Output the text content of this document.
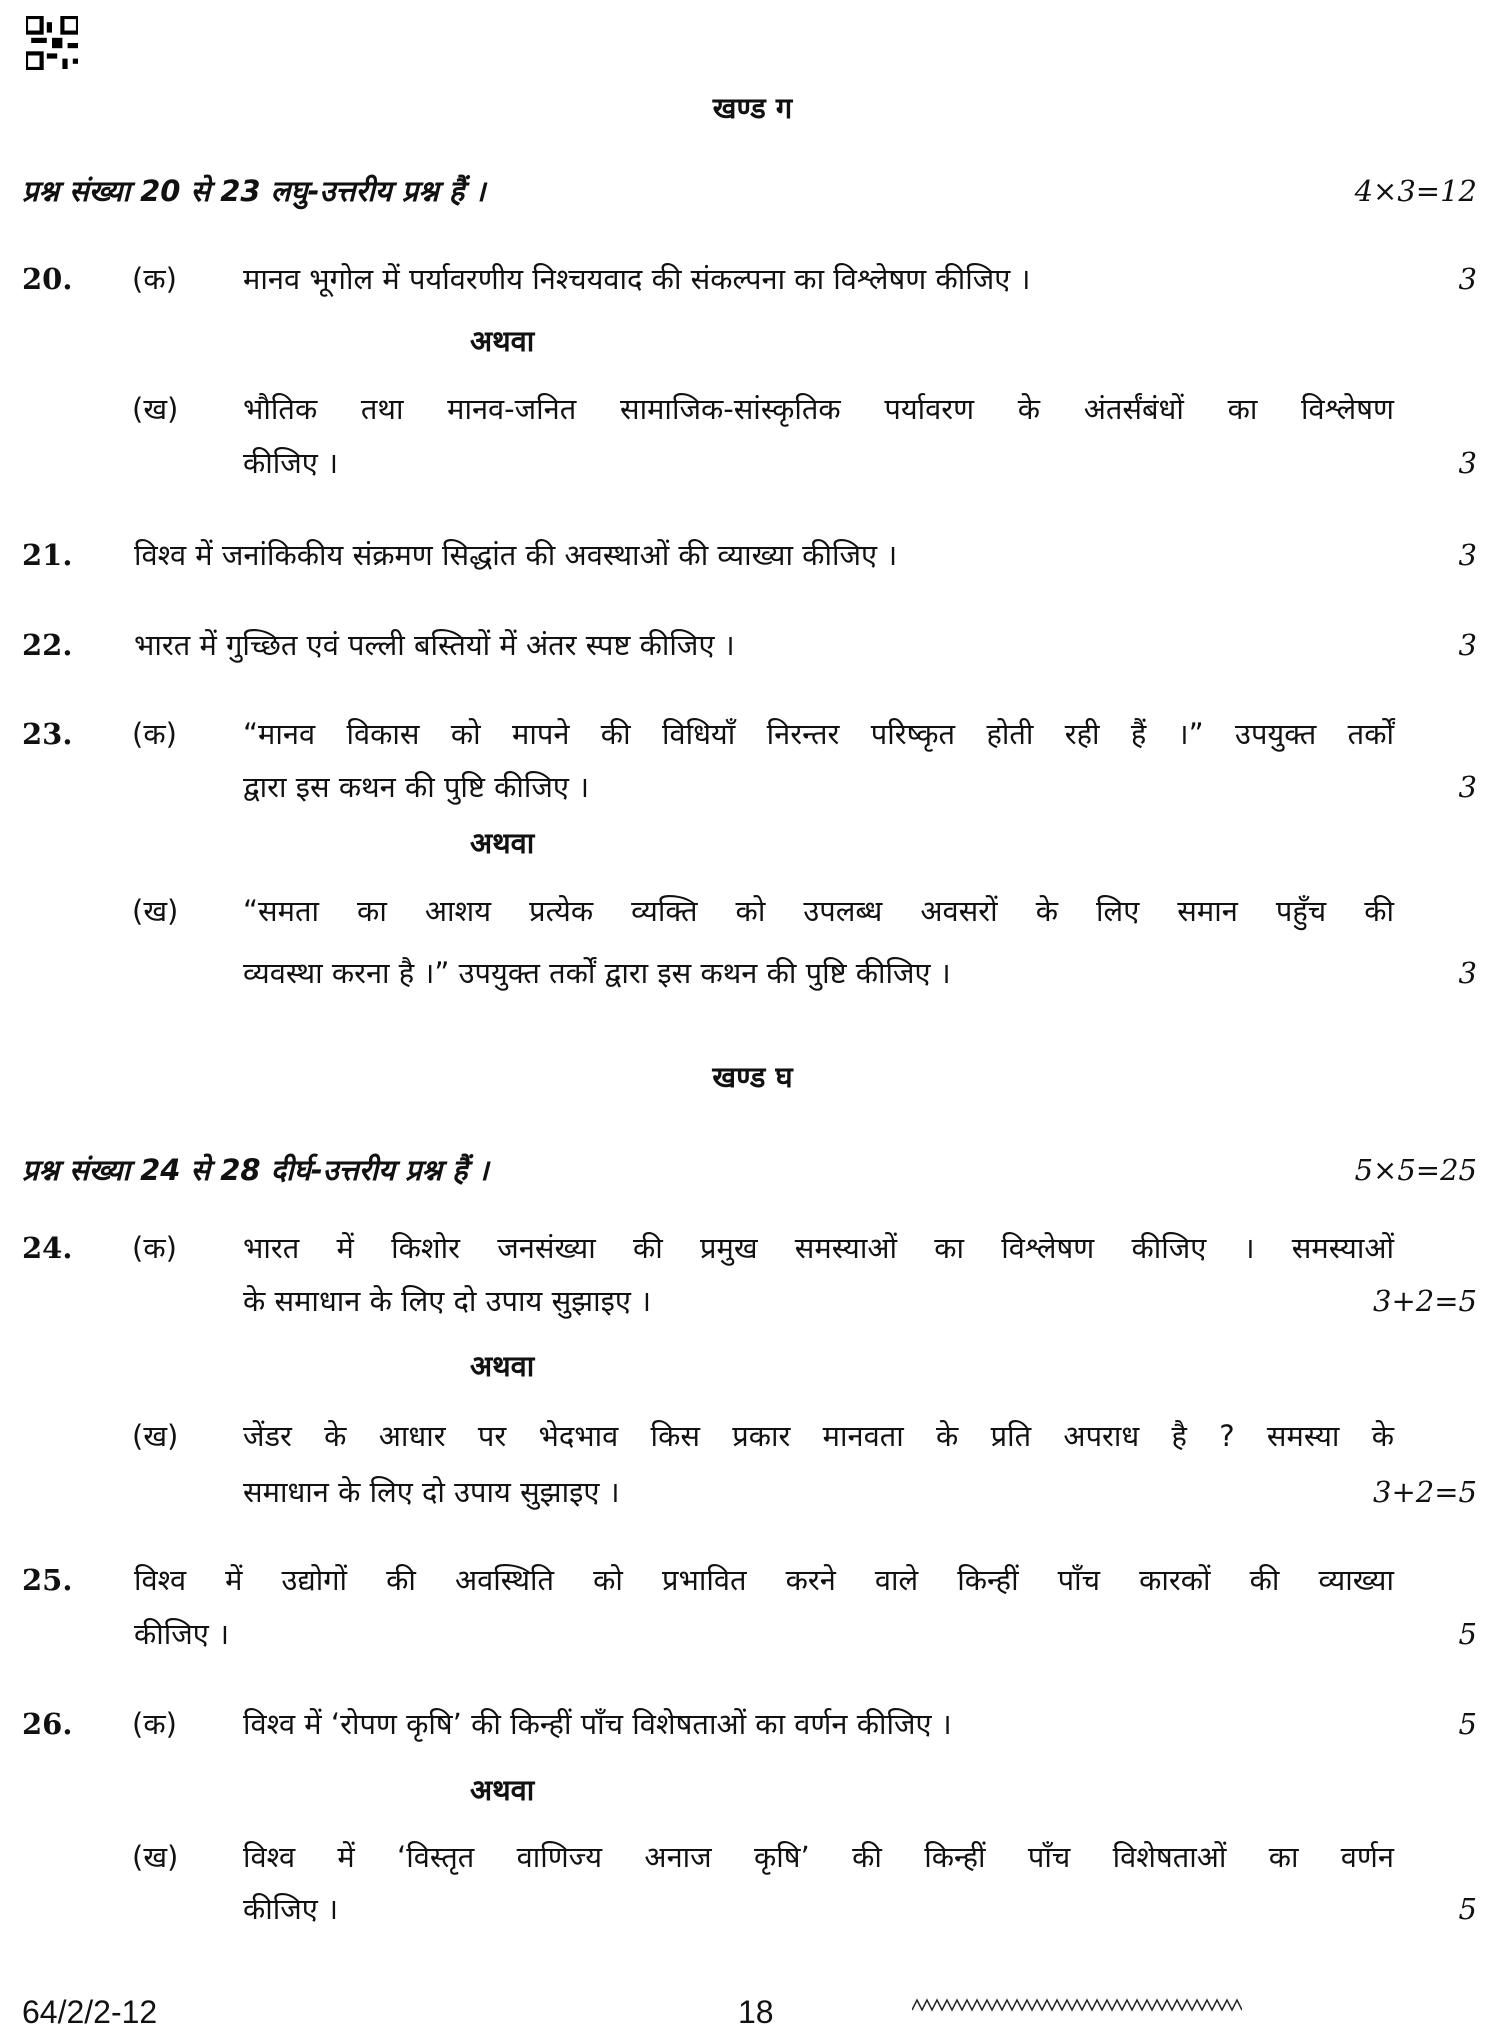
खण्ड ग
प्रश्न संख्या 20 से 23 लघु-उत्तरीय प्रश्न हैं ।	4×3=12
20. (क) मानव भूगोल में पर्यावरणीय निश्चयवाद की संकल्पना का विश्लेषण कीजिए ।	3
अथवा
(ख) भौतिक तथा मानव-जनित सामाजिक-सांस्कृतिक पर्यावरण के अंतर्संबंधों का विश्लेषण
कीजिए ।	3
21. विश्व में जनांकिकीय संक्रमण सिद्धांत की अवस्थाओं की व्याख्या कीजिए ।	3
22. भारत में गुच्छित एवं पल्ली बस्तियों में अंतर स्पष्ट कीजिए ।	3
23. (क) “मानव विकास को मापने की विधियाँ निरन्तर परिष्कृत होती रही हैं ।” उपयुक्त तर्कों
द्वारा इस कथन की पुष्टि कीजिए ।	3
अथवा
(ख) “समता का आशय प्रत्येक व्यक्ति को उपलब्ध अवसरों के लिए समान पहुँच की
व्यवस्था करना है ।” उपयुक्त तर्कों द्वारा इस कथन की पुष्टि कीजिए ।	3
खण्ड घ
प्रश्न संख्या 24 से 28 दीर्घ-उत्तरीय प्रश्न हैं ।	5×5=25
24. (क) भारत में किशोर जनसंख्या की प्रमुख समस्याओं का विश्लेषण कीजिए । समस्याओं
के समाधान के लिए दो उपाय सुझाइए ।	3+2=5
अथवा
(ख) जेंडर के आधार पर भेदभाव किस प्रकार मानवता के प्रति अपराध है ? समस्या के
समाधान के लिए दो उपाय सुझाइए ।	3+2=5
25. विश्व में उद्योगों की अवस्थिति को प्रभावित करने वाले किन्हीं पाँच कारकों की व्याख्या
कीजिए ।	5
26. (क) विश्व में ‘रोपण कृषि’ की किन्हीं पाँच विशेषताओं का वर्णन कीजिए ।	5
अथवा
(ख) विश्व में ‘विस्तृत वाणिज्य अनाज कृषि’ की किन्हीं पाँच विशेषताओं का वर्णन
कीजिए ।	5
64/2/2-12	18
